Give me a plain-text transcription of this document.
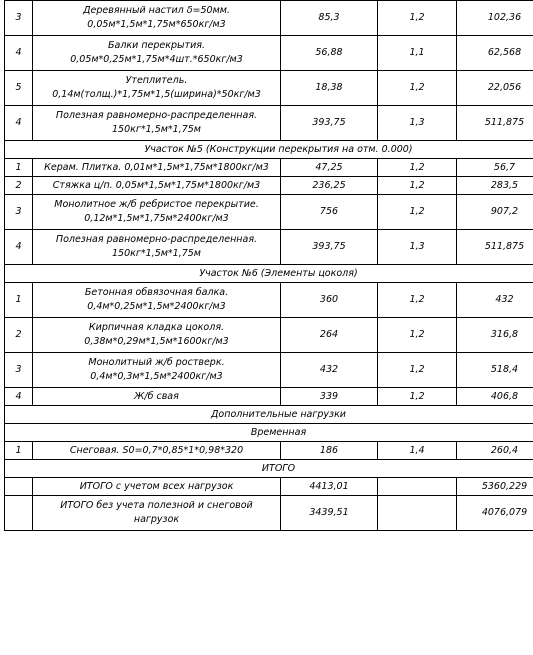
3	Деревянный настил δ=50мм.
0,05м*1,5м*1,75м*650кг/м3	85,3	1,2	102,36
4	Балки перекрытия.
0,05м*0,25м*1,75м*4шт.*650кг/м3	56,88	1,1	62,568
5	Утеплитель.
0,14м(толщ.)*1,75м*1,5(ширина)*50кг/м3	18,38	1,2	22,056
4	Полезная равномерно-распределенная.
150кг*1,5м*1,75м	393,75	1,3	511,875
Участок №5 (Конструкции перекрытия на отм. 0.000)				
1	Керам. Плитка. 0,01м*1,5м*1,75м*1800кг/м3	47,25	1,2	56,7
2	Стяжка ц/п. 0,05м*1,5м*1,75м*1800кг/м3	236,25	1,2	283,5
3	Монолитное ж/б ребристое перекрытие.
0,12м*1,5м*1,75м*2400кг/м3	756	1,2	907,2
4	Полезная равномерно-распределенная.
150кг*1,5м*1,75м	393,75	1,3	511,875
Участок №6 (Элементы цоколя)				
1	Бетонная обвязочная балка.
0,4м*0,25м*1,5м*2400кг/м3	360	1,2	432
2	Кирпичная кладка цоколя.
0,38м*0,29м*1,5м*1600кг/м3	264	1,2	316,8
3	Монолитный ж/б ростверк.
0,4м*0,3м*1,5м*2400кг/м3	432	1,2	518,4
4	Ж/б свая	339	1,2	406,8
Дополнительные нагрузки				
Временная				
1	Снеговая. S0=0,7*0,85*1*0,98*320	186	1,4	260,4
ИТОГО				

	ИТОГО с учетом всех нагрузок	4413,01		5360,229

	ИТОГО без учета полезной и снеговой
нагрузок	3439,51		4076,079
